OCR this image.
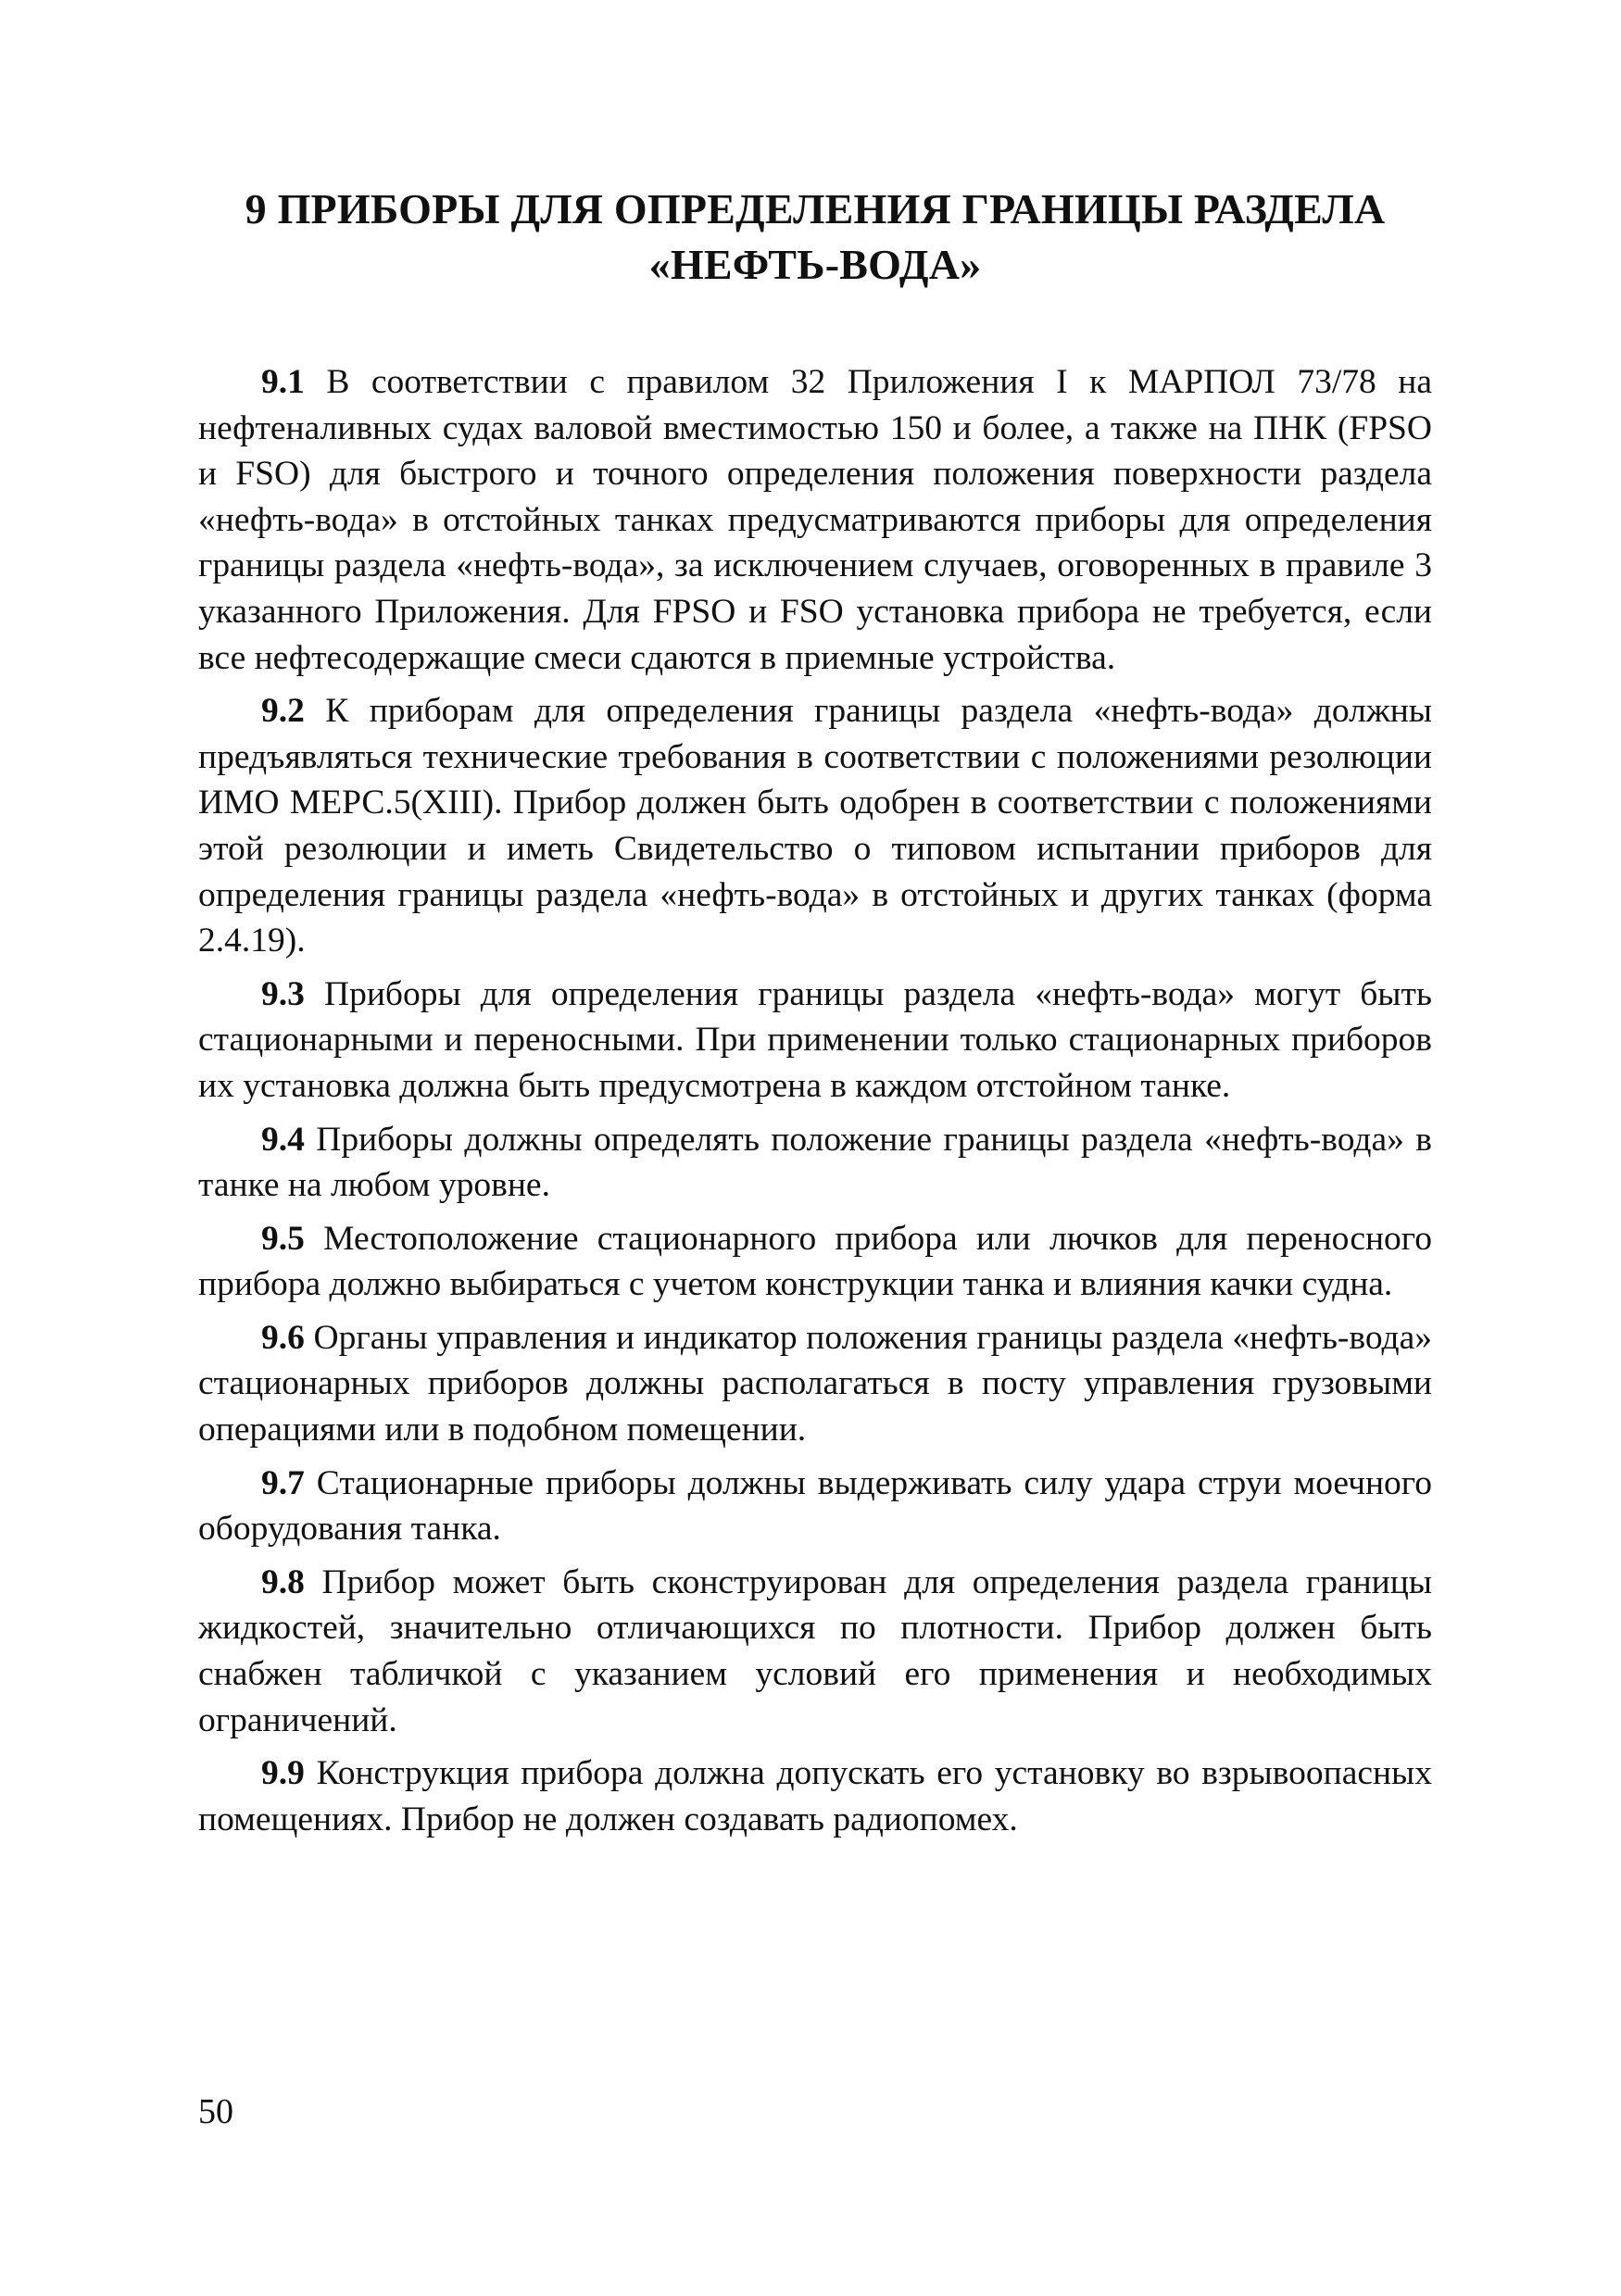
9 ПРИБОРЫ ДЛЯ ОПРЕДЕЛЕНИЯ ГРАНИЦЫ РАЗДЕЛА
«НЕФТЬ-ВОДА»

9.1 В соответствии с правилом 32 Приложения I к МАРПОЛ 73/78 на нефтеналивных судах валовой вместимостью 150 и более, а также на ПНК (FPSO и FSO) для быстрого и точного определения положения поверхности раздела «нефть-вода» в отстойных танках предусматриваются приборы для определения границы раздела «нефть-вода», за исключением случаев, оговоренных в правиле 3 указанного Приложения. Для FPSO и FSO установка прибора не требуется, если все нефтесодержащие смеси сдаются в приемные устройства.

9.2 К приборам для определения границы раздела «нефть-вода» должны предъявляться технические требования в соответствии с положениями резолюции ИМО МЕРС.5(XIII). Прибор должен быть одобрен в соответствии с положениями этой резолюции и иметь Свидетельство о типовом испытании приборов для определения границы раздела «нефть-вода» в отстойных и других танках (форма 2.4.19).

9.3 Приборы для определения границы раздела «нефть-вода» могут быть стационарными и переносными. При применении только стационарных приборов их установка должна быть предусмотрена в каждом отстойном танке.

9.4 Приборы должны определять положение границы раздела «нефть-вода» в танке на любом уровне.

9.5 Местоположение стационарного прибора или лючков для переносного прибора должно выбираться с учетом конструкции танка и влияния качки судна.

9.6 Органы управления и индикатор положения границы раздела «нефть-вода» стационарных приборов должны располагаться в посту управления грузовыми операциями или в подобном помещении.

9.7 Стационарные приборы должны выдерживать силу удара струи моечного оборудования танка.

9.8 Прибор может быть сконструирован для определения раздела границы жидкостей, значительно отличающихся по плотности. Прибор должен быть снабжен табличкой с указанием условий его применения и необходимых ограничений.

9.9 Конструкция прибора должна допускать его установку во взрывоопасных помещениях. Прибор не должен создавать радиопомех.

50
